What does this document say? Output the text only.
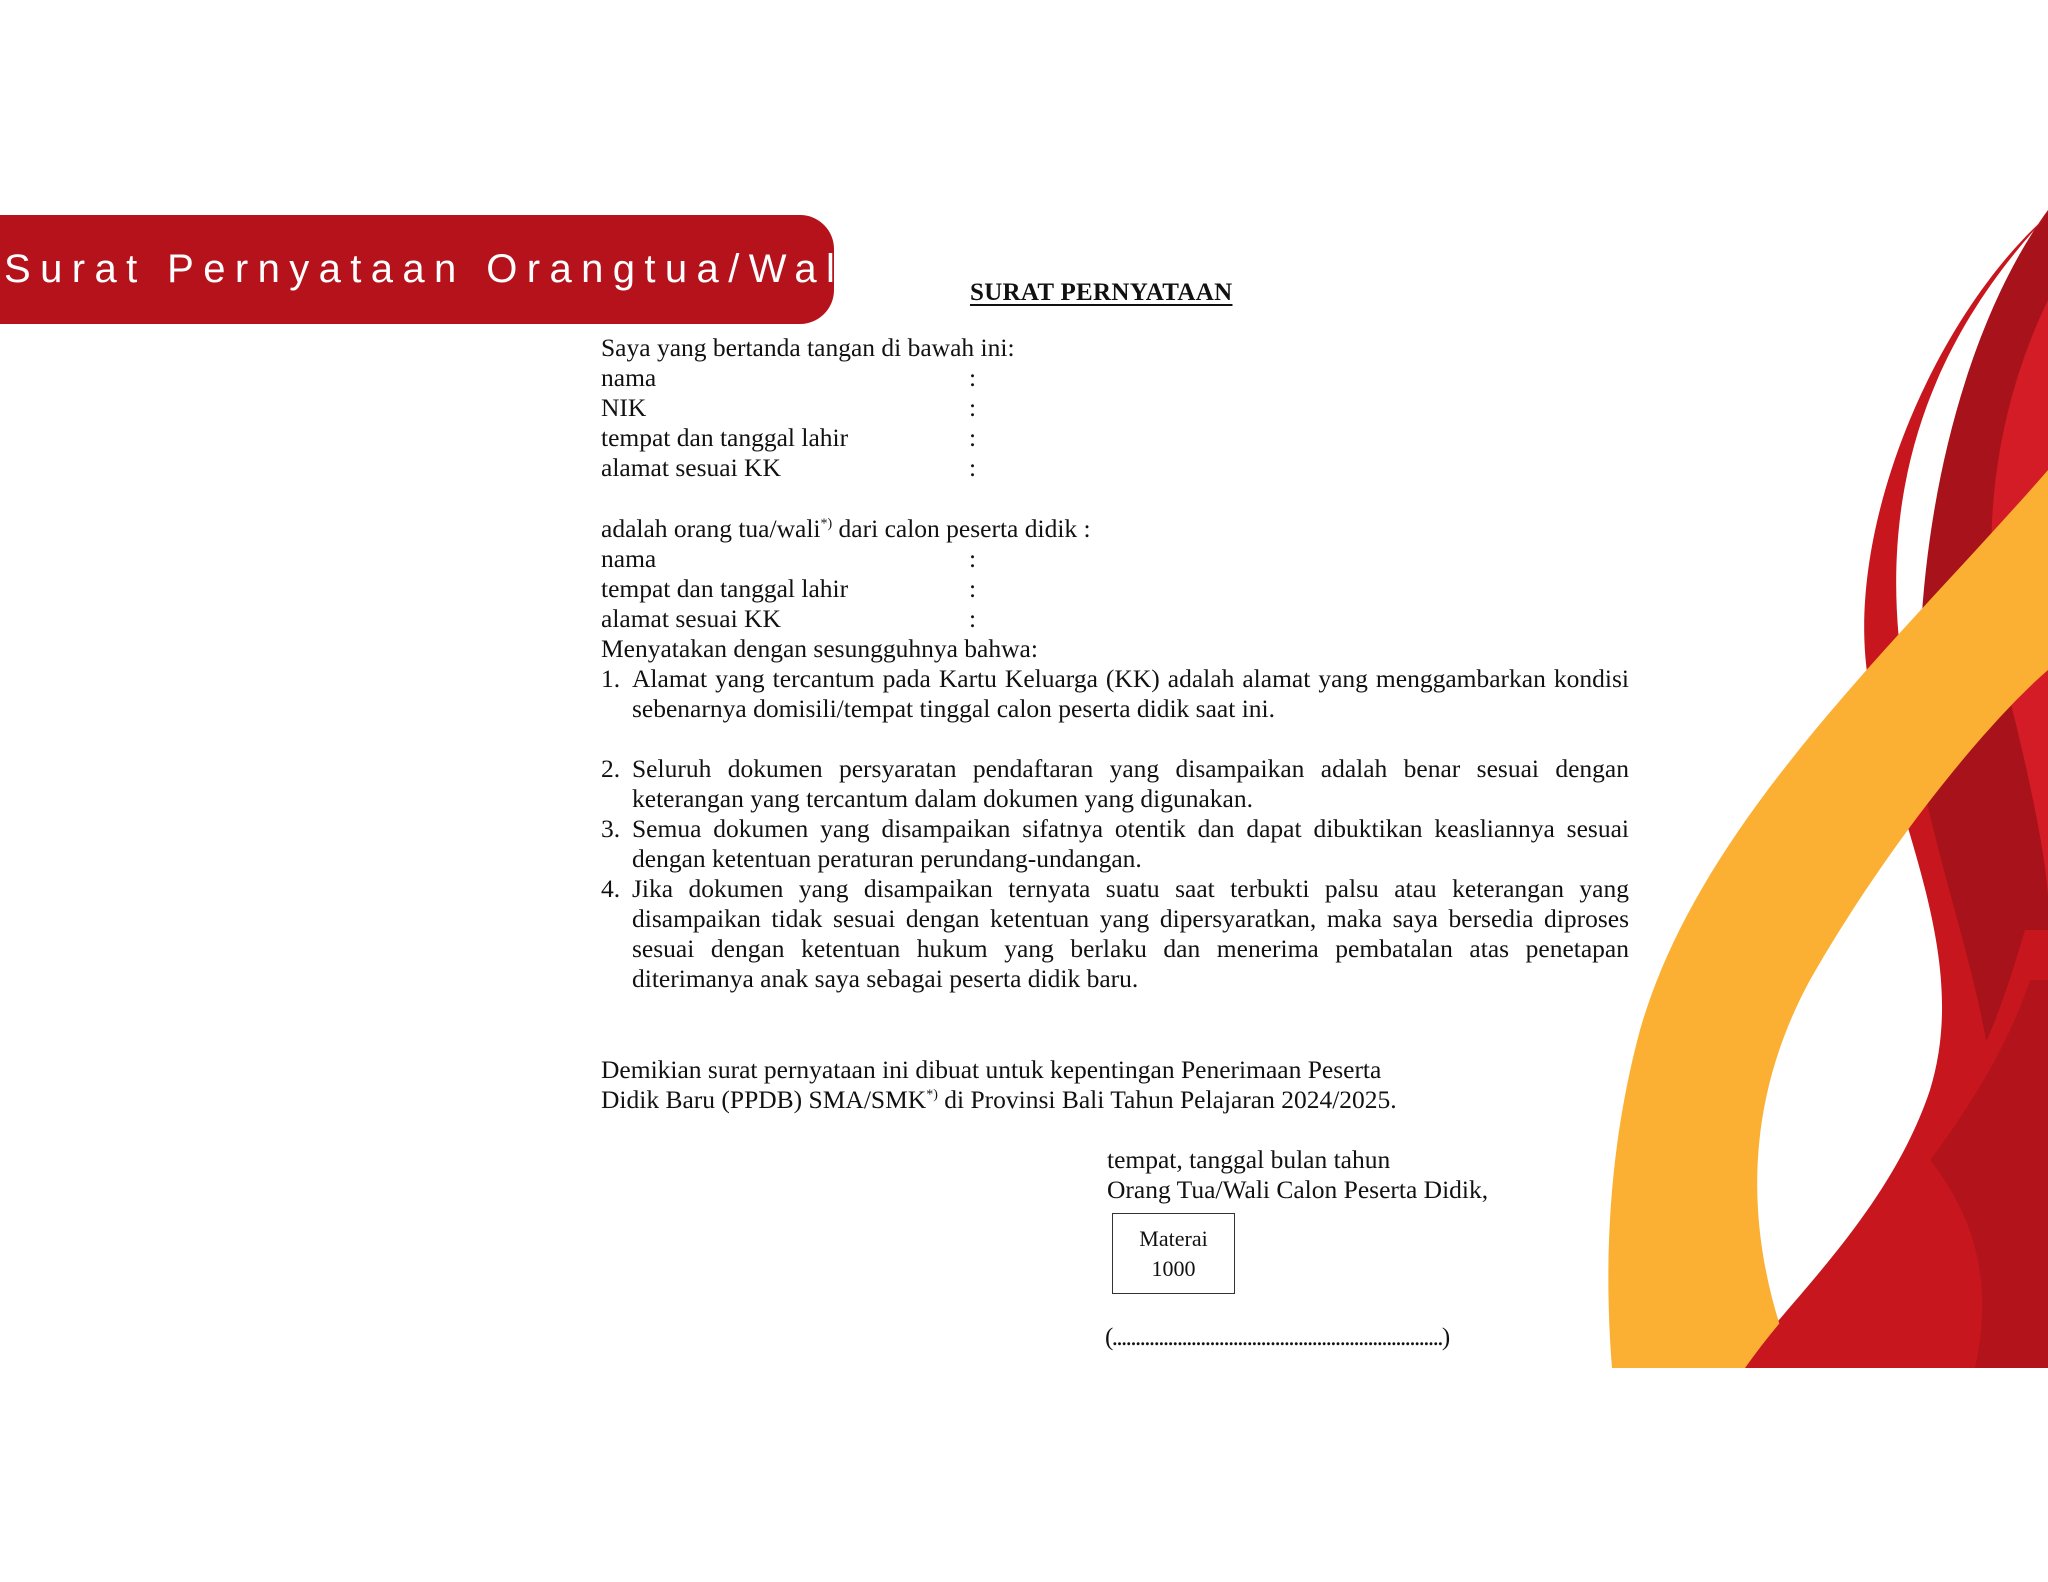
Surat Pernyataan Orangtua/Wali
SURAT PERNYATAAN
Saya yang bertanda tangan di bawah ini:
nama	:
NIK	:
tempat dan tanggal lahir	:
alamat sesuai KK	:
adalah orang tua/wali*) dari calon peserta didik :
nama	:
tempat dan tanggal lahir	:
alamat sesuai KK	:
Menyatakan dengan sesungguhnya bahwa:
1. Alamat yang tercantum pada Kartu Keluarga (KK) adalah alamat yang menggambarkan kondisi sebenarnya domisili/tempat tinggal calon peserta didik saat ini.
2. Seluruh dokumen persyaratan pendaftaran yang disampaikan adalah benar sesuai dengan keterangan yang tercantum dalam dokumen yang digunakan.
3. Semua dokumen yang disampaikan sifatnya otentik dan dapat dibuktikan keasliannya sesuai dengan ketentuan peraturan perundang-undangan.
4. Jika dokumen yang disampaikan ternyata suatu saat terbukti palsu atau keterangan yang disampaikan tidak sesuai dengan ketentuan yang dipersyaratkan, maka saya bersedia diproses sesuai dengan ketentuan hukum yang berlaku dan menerima pembatalan atas penetapan diterimanya anak saya sebagai peserta didik baru.
Demikian surat pernyataan ini dibuat untuk kepentingan Penerimaan Peserta
Didik Baru (PPDB) SMA/SMK*) di Provinsi Bali Tahun Pelajaran 2024/2025.
tempat, tanggal bulan tahun
Orang Tua/Wali Calon Peserta Didik,
Materai
1000
(.......................................................................)
